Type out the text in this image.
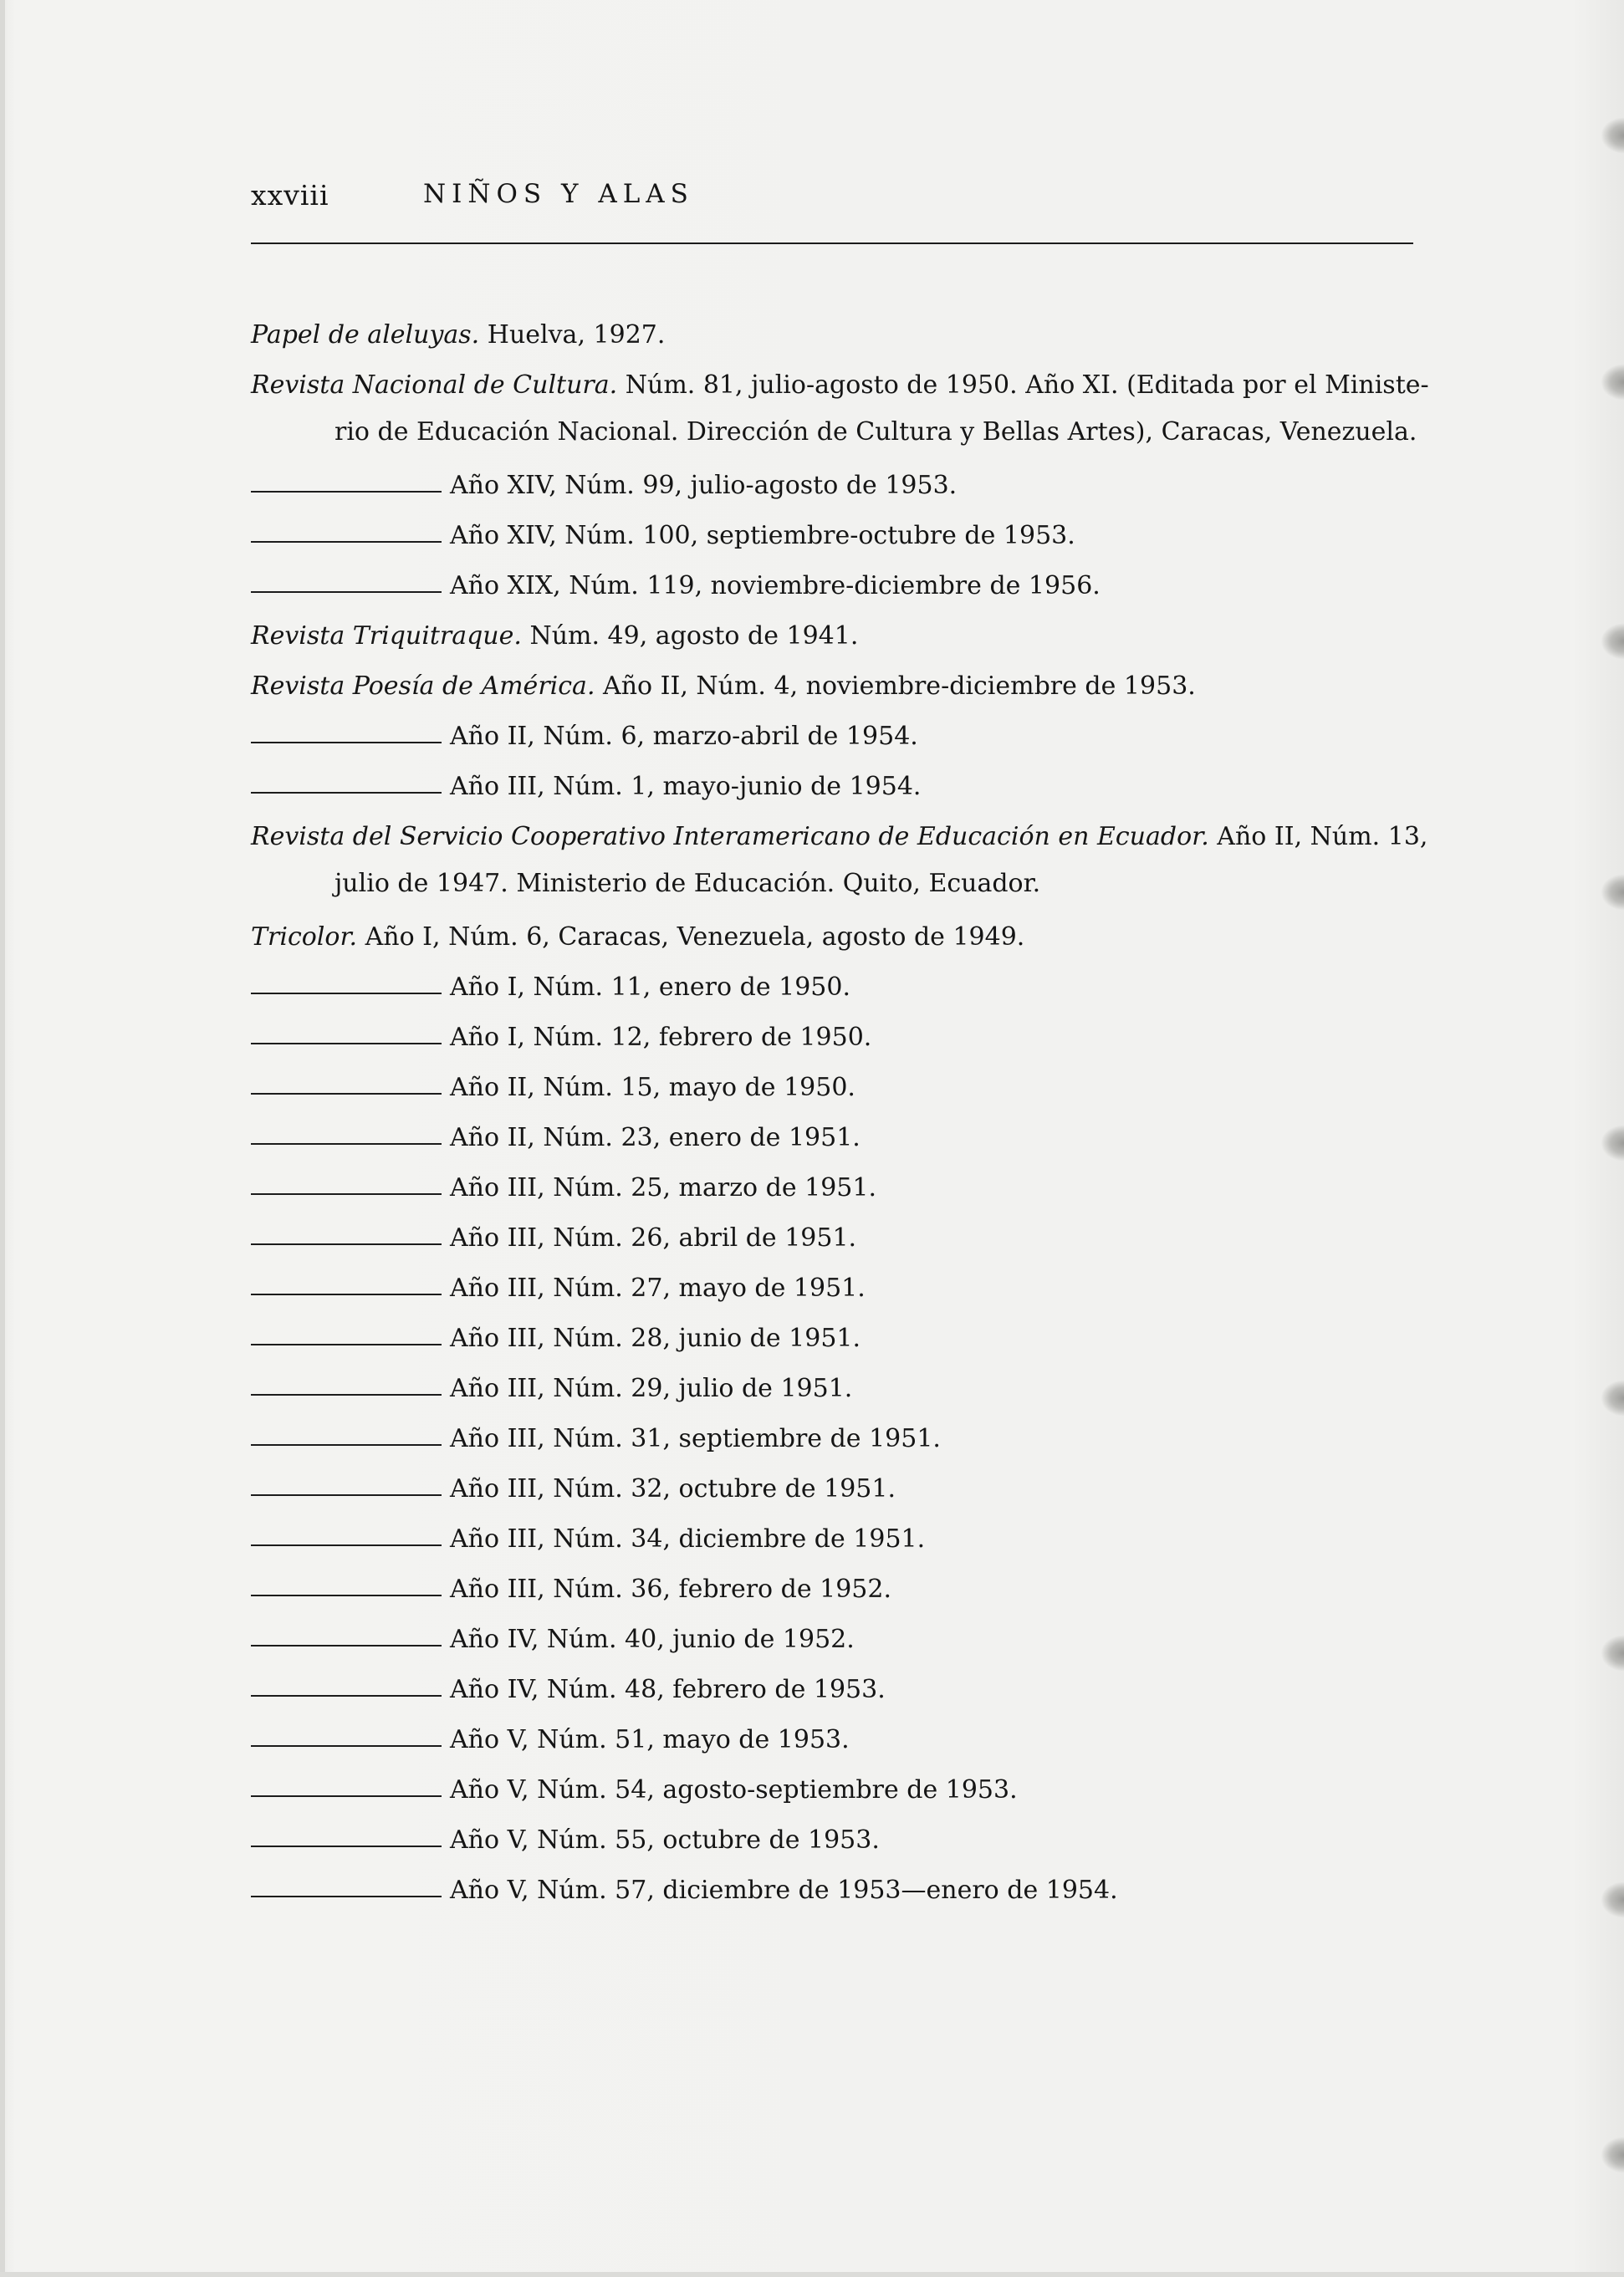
xxviii	NIÑOS Y ALAS
Papel de aleluyas. Huelva, 1927.
Revista Nacional de Cultura. Núm. 81, julio-agosto de 1950. Año XI. (Editada por el Ministe-
rio de Educación Nacional. Dirección de Cultura y Bellas Artes), Caracas, Venezuela.
Año XIV, Núm. 99, julio-agosto de 1953.
Año XIV, Núm. 100, septiembre-octubre de 1953.
Año XIX, Núm. 119, noviembre-diciembre de 1956.
Revista Triquitraque. Núm. 49, agosto de 1941.
Revista Poesía de América. Año II, Núm. 4, noviembre-diciembre de 1953.
Año II, Núm. 6, marzo-abril de 1954.
Año III, Núm. 1, mayo-junio de 1954.
Revista del Servicio Cooperativo Interamericano de Educación en Ecuador. Año II, Núm. 13,
julio de 1947. Ministerio de Educación. Quito, Ecuador.
Tricolor. Año I, Núm. 6, Caracas, Venezuela, agosto de 1949.
Año I, Núm. 11, enero de 1950.
Año I, Núm. 12, febrero de 1950.
Año II, Núm. 15, mayo de 1950.
Año II, Núm. 23, enero de 1951.
Año III, Núm. 25, marzo de 1951.
Año III, Núm. 26, abril de 1951.
Año III, Núm. 27, mayo de 1951.
Año III, Núm. 28, junio de 1951.
Año III, Núm. 29, julio de 1951.
Año III, Núm. 31, septiembre de 1951.
Año III, Núm. 32, octubre de 1951.
Año III, Núm. 34, diciembre de 1951.
Año III, Núm. 36, febrero de 1952.
Año IV, Núm. 40, junio de 1952.
Año IV, Núm. 48, febrero de 1953.
Año V, Núm. 51, mayo de 1953.
Año V, Núm. 54, agosto-septiembre de 1953.
Año V, Núm. 55, octubre de 1953.
Año V, Núm. 57, diciembre de 1953—enero de 1954.
